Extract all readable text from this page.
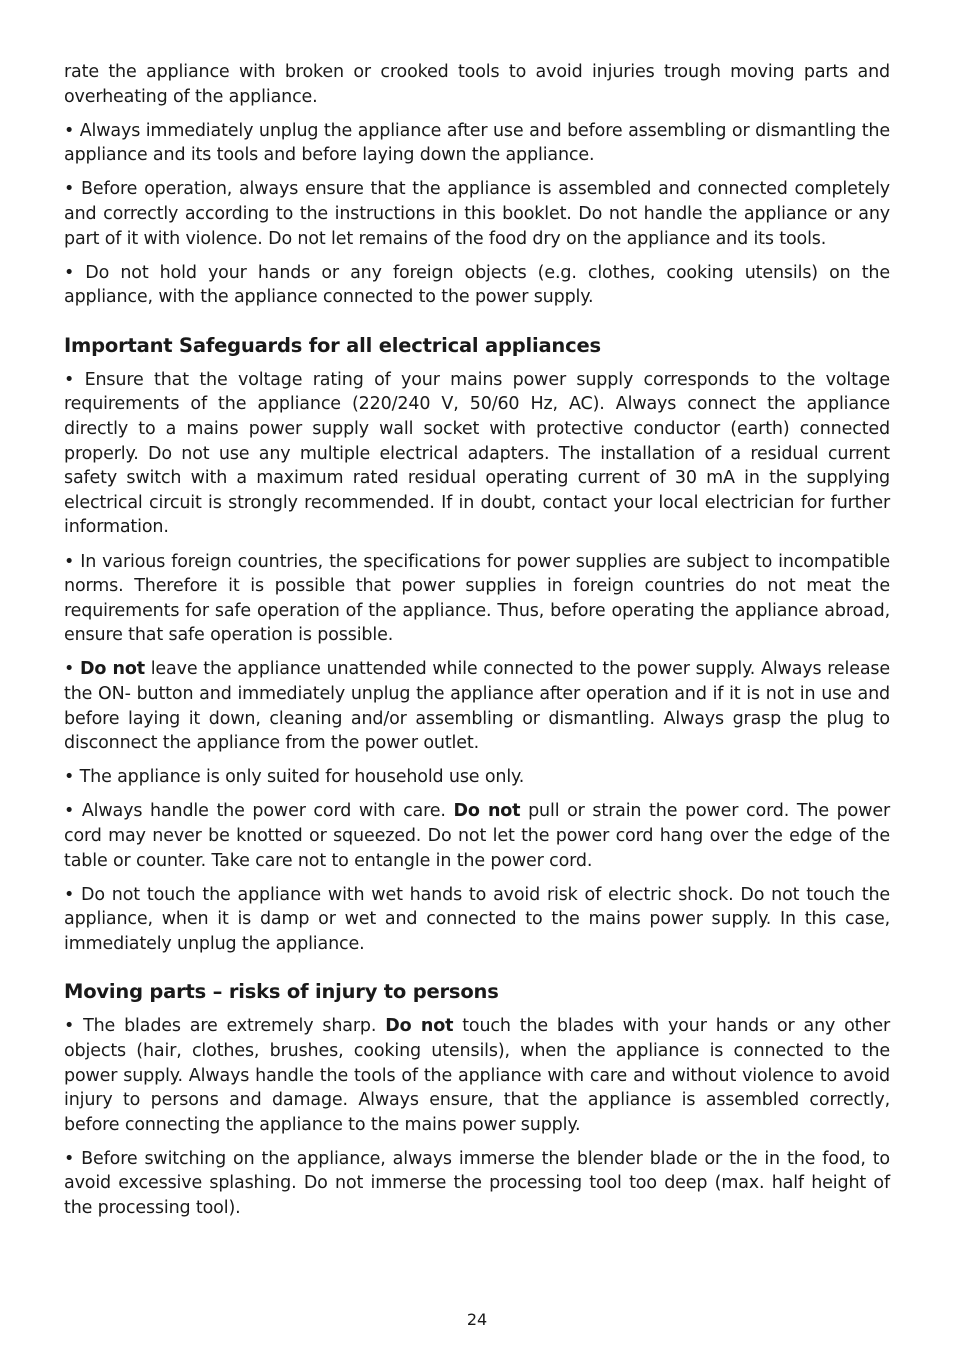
rate the appliance with broken or crooked tools to avoid injuries trough moving parts and overheating of the appliance.

• Always immediately unplug the appliance after use and before assembling or dismantling the appliance and its tools and before laying down the appliance.

• Before operation, always ensure that the appliance is assembled and connected completely and correctly according to the instructions in this booklet. Do not handle the appliance or any part of it with violence. Do not let remains of the food dry on the appliance and its tools.

• Do not hold your hands or any foreign objects (e.g. clothes, cooking utensils) on the appliance, with the appliance connected to the power supply.

Important Safeguards for all electrical appliances

• Ensure that the voltage rating of your mains power supply corresponds to the voltage requirements of the appliance (220/240 V, 50/60 Hz, AC). Always connect the appliance directly to a mains power supply wall socket with protective conductor (earth) connected properly. Do not use any multiple electrical adapters. The installation of a residual current safety switch with a maximum rated residual operating current of 30 mA in the supplying electrical circuit is strongly recommended. If in doubt, contact your local electrician for further information.

• In various foreign countries, the specifications for power supplies are subject to incompatible norms. Therefore it is possible that power supplies in foreign countries do not meat the requirements for safe operation of the appliance. Thus, before operating the appliance abroad, ensure that safe operation is possible.

• Do not leave the appliance unattended while connected to the power supply. Always release the ON- button and immediately unplug the appliance after operation and if it is not in use and before laying it down, cleaning and/or assembling or dismantling. Always grasp the plug to disconnect the appliance from the power outlet.

• The appliance is only suited for household use only.

• Always handle the power cord with care. Do not pull or strain the power cord. The power cord may never be knotted or squeezed. Do not let the power cord hang over the edge of the table or counter. Take care not to entangle in the power cord.

• Do not touch the appliance with wet hands to avoid risk of electric shock. Do not touch the appliance, when it is damp or wet and connected to the mains power supply. In this case, immediately unplug the appliance.

Moving parts – risks of injury to persons

• The blades are extremely sharp. Do not touch the blades with your hands or any other objects (hair, clothes, brushes, cooking utensils), when the appliance is connected to the power supply. Always handle the tools of the appliance with care and without violence to avoid injury to persons and damage. Always ensure, that the appliance is assembled correctly, before connecting the appliance to the mains power supply.

• Before switching on the appliance, always immerse the blender blade or the in the food, to avoid excessive splashing. Do not immerse the processing tool too deep (max. half height of the processing tool).

24
